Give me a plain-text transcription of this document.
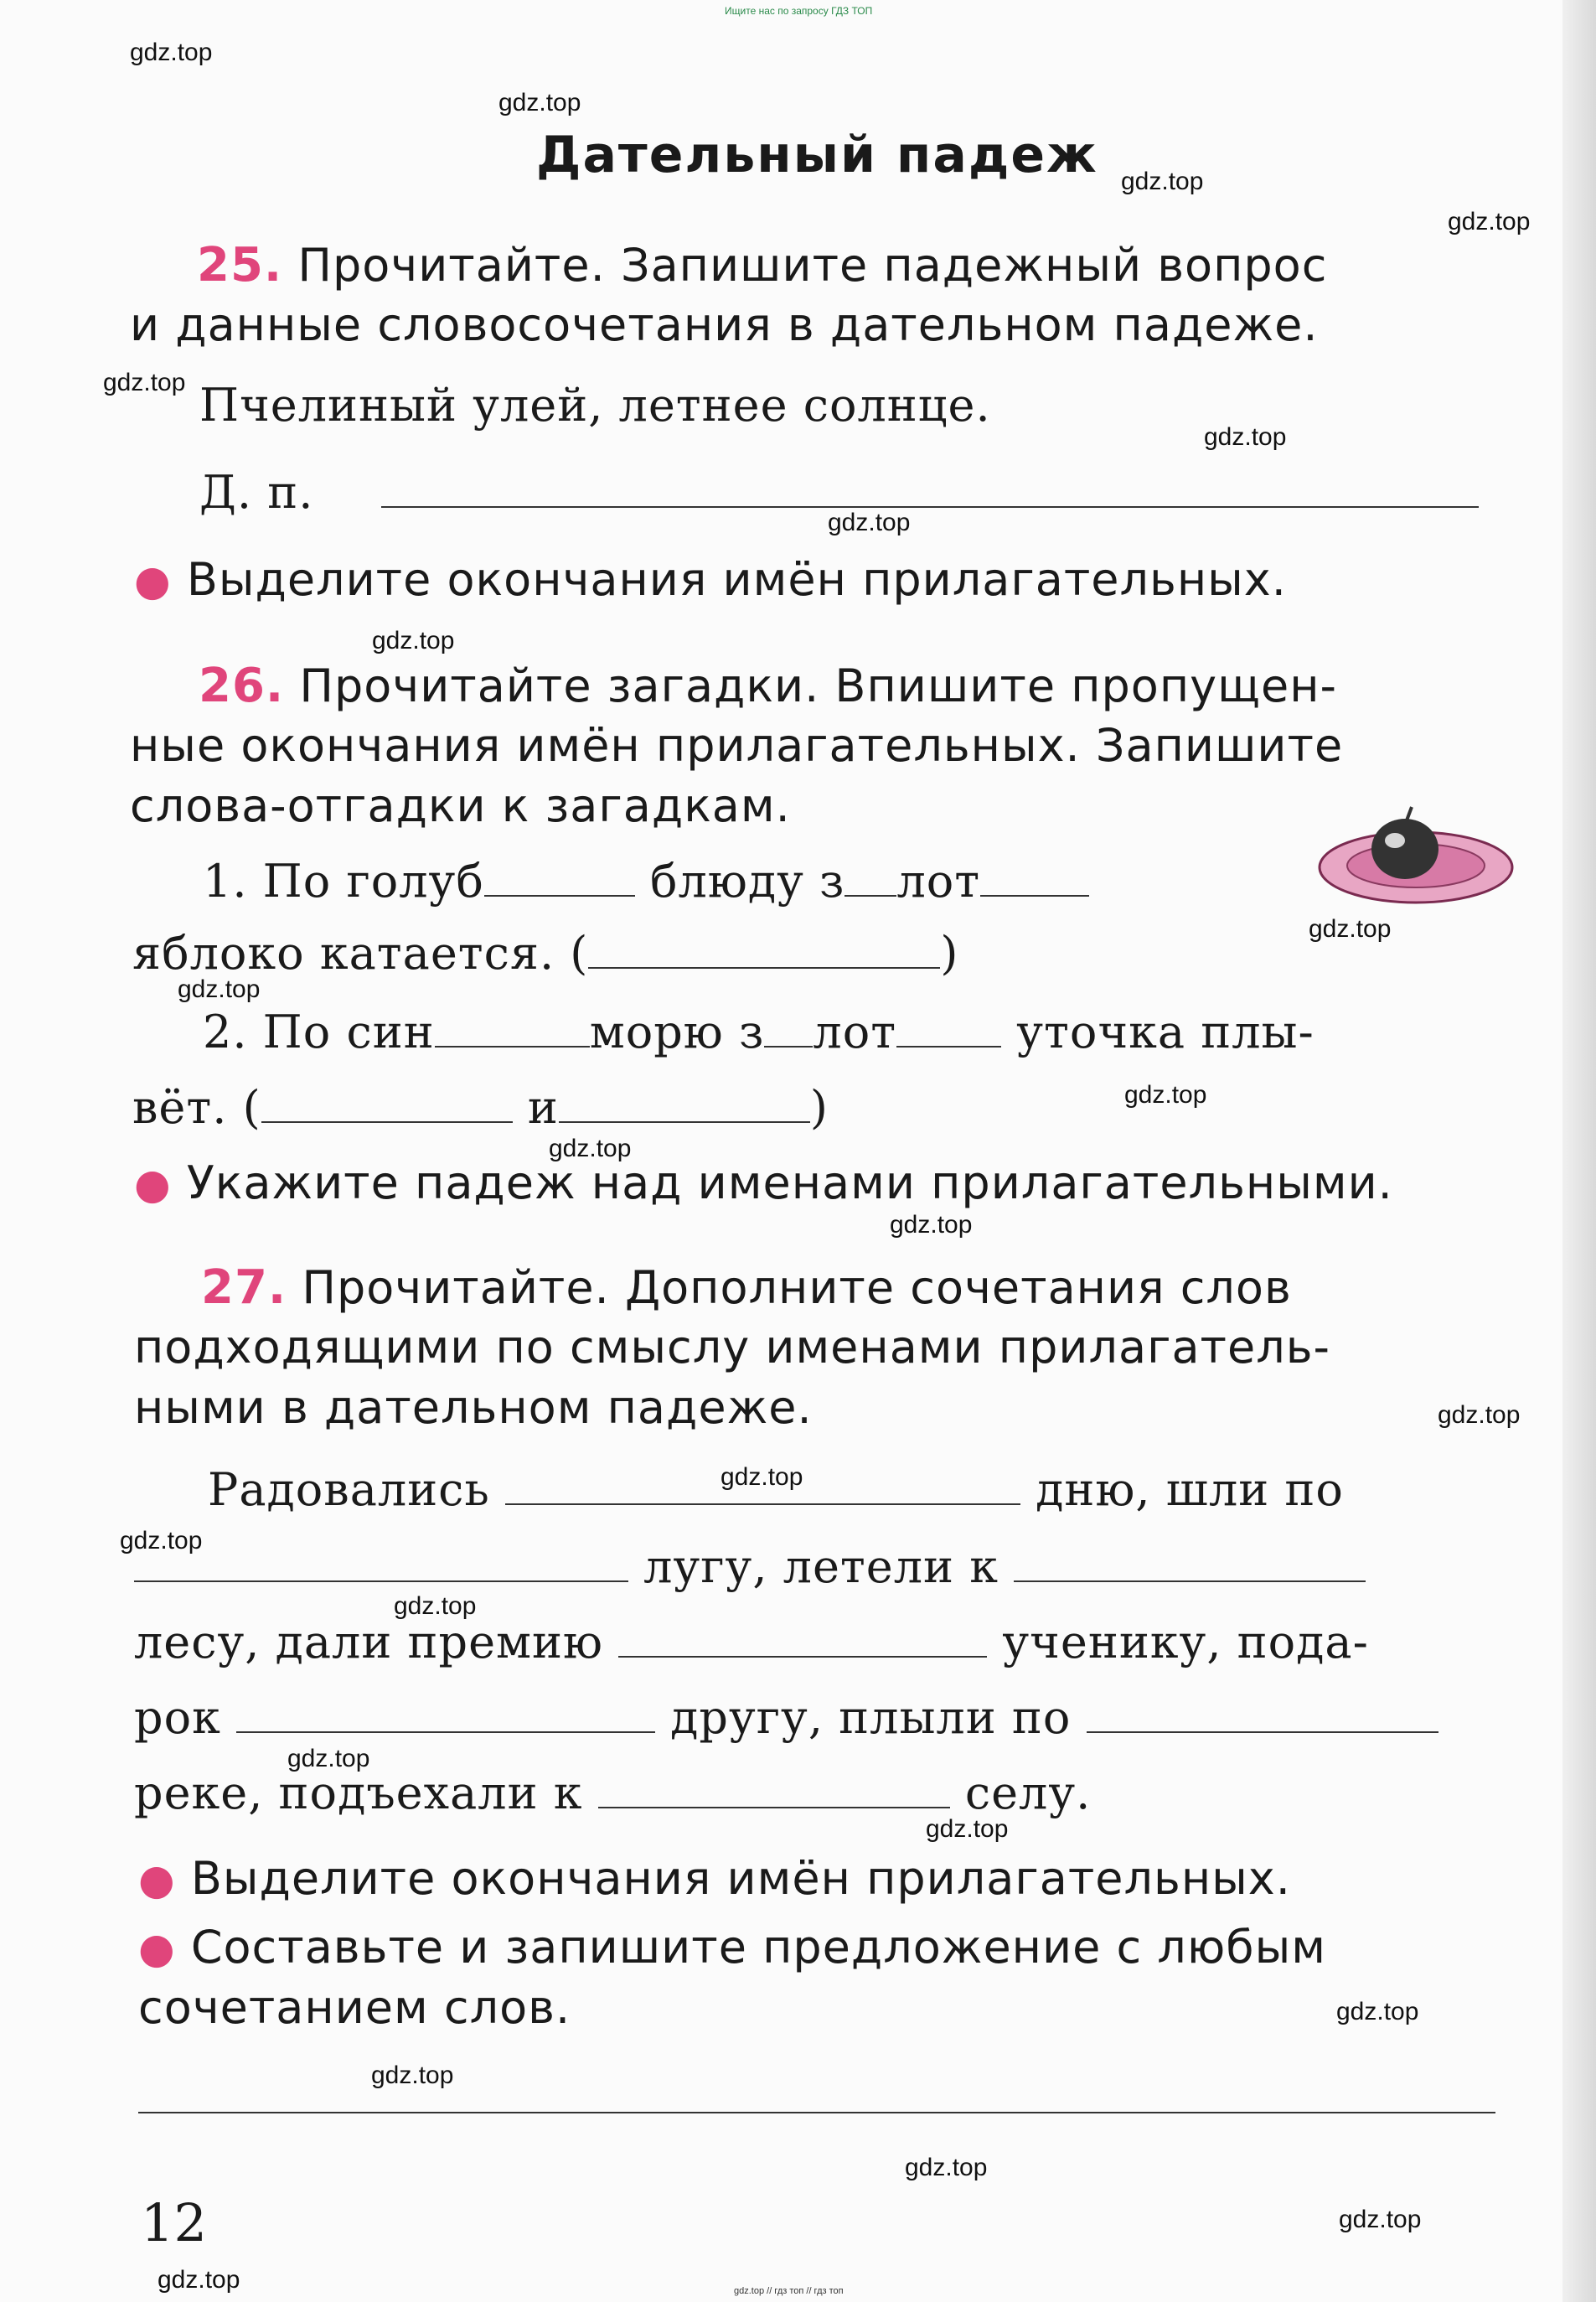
Ищите нас по запросу ГДЗ ТОП
gdz.top
gdz.top
gdz.top
gdz.top
gdz.top
gdz.top
gdz.top
gdz.top
gdz.top
gdz.top
gdz.top
gdz.top
gdz.top
gdz.top
gdz.top
gdz.top
gdz.top
gdz.top
gdz.top
gdz.top
gdz.top
gdz.top
gdz.top
gdz.top
Дательный падеж
25. Прочитайте. Запишите падежный вопрос
и данные словосочетания в дательном падеже.
Пчелиный улей, летнее солнце.
Д. п.
● Выделите окончания имён прилагательных.
26. Прочитайте загадки. Впишите пропущен-
ные окончания имён прилагательных. Запишите
слова-отгадки к загадкам.
1. По голуб	блюду з лот
яблоко катается. (	)
2. По син	морю з лот	уточка плы-
вёт. (	и	)
● Укажите падеж над именами прилагательными.
27. Прочитайте. Дополните сочетания слов
подходящими по смыслу именами прилагатель-
ными в дательном падеже.
Радовались	дню, шли по
лугу, летели к
лесу, дали премию	ученику, пода-
рок	другу, плыли по
реке, подъехали к	селу.
● Выделите окончания имён прилагательных.
● Составьте и запишите предложение с любым
сочетанием слов.
12
gdz.top // гдз топ // гдз топ
